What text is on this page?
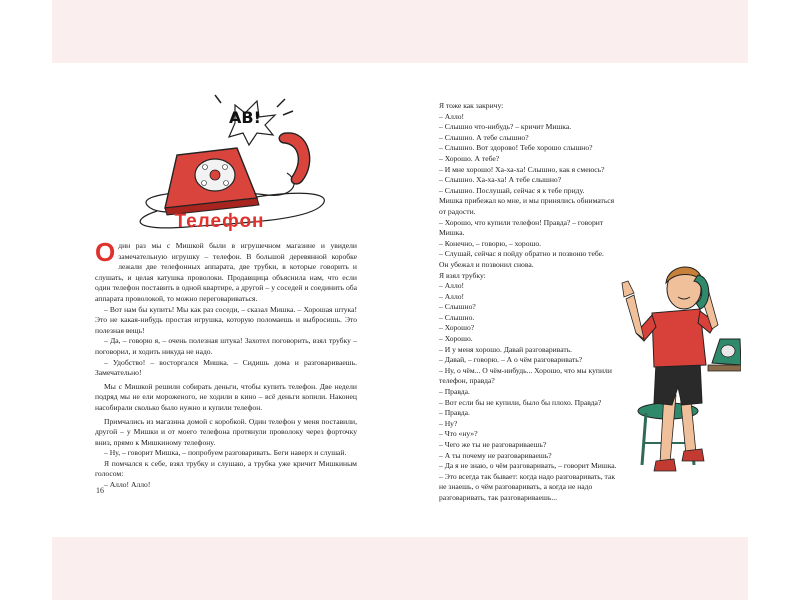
АВ!
Телефон

Один раз мы с Мишкой были в игрушечном магазине и увидели замечательную игрушку – телефон. В большой деревянной коробке лежали две телефонных аппарата, две трубки, в которые говорить и слушать, и целая катушка проволоки. Продавщица объяснила нам, что если один телефон поставить в одной квартире, а другой – у соседей и соединить оба аппарата проволокой, то можно переговариваться.

– Вот нам бы купить! Мы как раз соседи, – сказал Мишка. – Хорошая штука! Это не какая-нибудь простая игрушка, которую поломаешь и выбросишь. Это полезная вещь!

– Да, – говорю я, – очень полезная штука! Захотел поговорить, взял трубку – поговорил, и ходить никуда не надо.

– Удобство! – восторгался Мишка. – Сидишь дома и разговариваешь. Замечательно!

Мы с Мишкой решили собирать деньги, чтобы купить телефон. Две недели подряд мы не ели мороженого, не ходили в кино – всё деньги копили. Наконец насобирали сколько было нужно и купили телефон.

Примчались из магазина домой с коробкой. Один телефон у меня поставили, другой – у Мишки и от моего телефона протянули проволоку через форточку вниз, прямо к Мишкиному телефону.

– Ну, – говорит Мишка, – попробуем разговаривать. Беги наверх и слушай.

Я помчался к себе, взял трубку и слушаю, а трубка уже кричит Мишкиным голосом:

– Аллo! Аллo!

16

Я тоже как закричу:

– Алло!

– Слышно что-нибудь? – кричит Мишка.

– Слышно. А тебе слышно?

– Слышно. Вот здорово! Тебе хорошо слышно?

– Хорошо. А тебе?

– И мне хорошо! Ха-ха-ха! Слышно, как я смеюсь?

– Слышно. Ха-ха-ха! А тебе слышно?

– Слышно. Послушай, сейчас я к тебе приду.

Мишка прибежал ко мне, и мы принялись обниматься от радости.

– Хорошо, что купили телефон! Правда? – говорит Мишка.

– Конечно, – говорю, – хорошо.

– Слушай, сейчас я пойду обратно и позвоню тебе.

Он убежал и позвонил снова.

Я взял трубку:

– Алло!

– Алло!

– Слышно?

– Слышно.

– Хорошо?

– Хорошо.

– И у меня хорошо. Давай разговаривать.

– Давай, – говорю. – А о чём разговаривать?

– Ну, о чём... О чём-нибудь... Хорошо, что мы купили телефон, правда?

– Правда.

– Вот если бы не купили, было бы плохо. Правда?

– Правда.

– Ну?

– Что «ну»?

– Чего же ты не разговариваешь?

– А ты почему не разговариваешь?

– Да я не знаю, о чём разговаривать, – говорит Мишка. – Это всегда так бывает: когда надо разговаривать, так не знаешь, о чём разговаривать, а когда не надо разговаривать, так разговариваешь...
